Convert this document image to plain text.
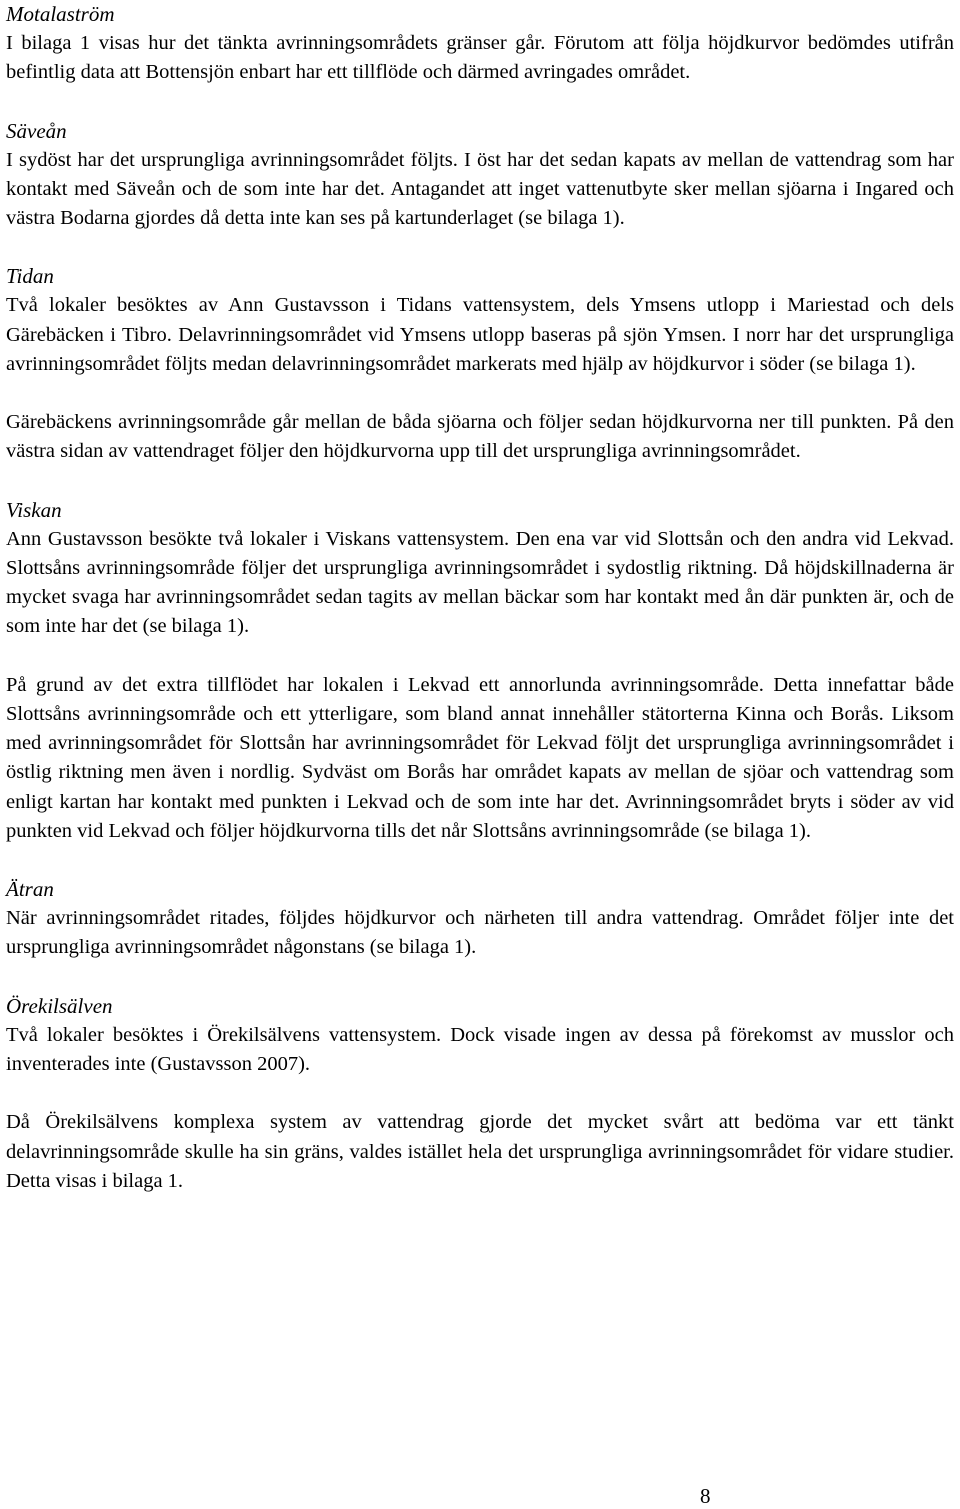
Motalaström

I bilaga 1 visas hur det tänkta avrinningsområdets gränser går. Förutom att följa höjdkurvor bedömdes utifrån befintlig data att Bottensjön enbart har ett tillflöde och därmed avringades området.

Säveån

I sydöst har det ursprungliga avrinningsområdet följts. I öst har det sedan kapats av mellan de vattendrag som har kontakt med Säveån och de som inte har det. Antagandet att inget vattenutbyte sker mellan sjöarna i Ingared och västra Bodarna gjordes då detta inte kan ses på kartunderlaget (se bilaga 1).

Tidan

Två lokaler besöktes av Ann Gustavsson i Tidans vattensystem, dels Ymsens utlopp i Mariestad och dels Gärebäcken i Tibro. Delavrinningsområdet vid Ymsens utlopp baseras på sjön Ymsen. I norr har det ursprungliga avrinningsområdet följts medan delavrinningsområdet markerats med hjälp av höjdkurvor i söder (se bilaga 1).

Gärebäckens avrinningsområde går mellan de båda sjöarna och följer sedan höjdkurvorna ner till punkten. På den västra sidan av vattendraget följer den höjdkurvorna upp till det ursprungliga avrinningsområdet.

Viskan

Ann Gustavsson besökte två lokaler i Viskans vattensystem. Den ena var vid Slottsån och den andra vid Lekvad. Slottsåns avrinningsområde följer det ursprungliga avrinningsområdet i sydostlig riktning. Då höjdskillnaderna är mycket svaga har avrinningsområdet sedan tagits av mellan bäckar som har kontakt med ån där punkten är, och de som inte har det (se bilaga 1).

På grund av det extra tillflödet har lokalen i Lekvad ett annorlunda avrinningsområde. Detta innefattar både Slottsåns avrinningsområde och ett ytterligare, som bland annat innehåller stätorterna Kinna och Borås. Liksom med avrinningsområdet för Slottsån har avrinningsområdet för Lekvad följt det ursprungliga avrinningsområdet i östlig riktning men även i nordlig. Sydväst om Borås har området kapats av mellan de sjöar och vattendrag som enligt kartan har kontakt med punkten i Lekvad och de som inte har det. Avrinningsområdet bryts i söder av vid punkten vid Lekvad och följer höjdkurvorna tills det når Slottsåns avrinningsområde (se bilaga 1).

Ätran

När avrinningsområdet ritades, följdes höjdkurvor och närheten till andra vattendrag. Området följer inte det ursprungliga avrinningsområdet någonstans (se bilaga 1).

Örekilsälven

Två lokaler besöktes i Örekilsälvens vattensystem. Dock visade ingen av dessa på förekomst av musslor och inventerades inte (Gustavsson 2007).

Då Örekilsälvens komplexa system av vattendrag gjorde det mycket svårt att bedöma var ett tänkt delavrinningsområde skulle ha sin gräns, valdes istället hela det ursprungliga avrinningsområdet för vidare studier. Detta visas i bilaga 1.

8
